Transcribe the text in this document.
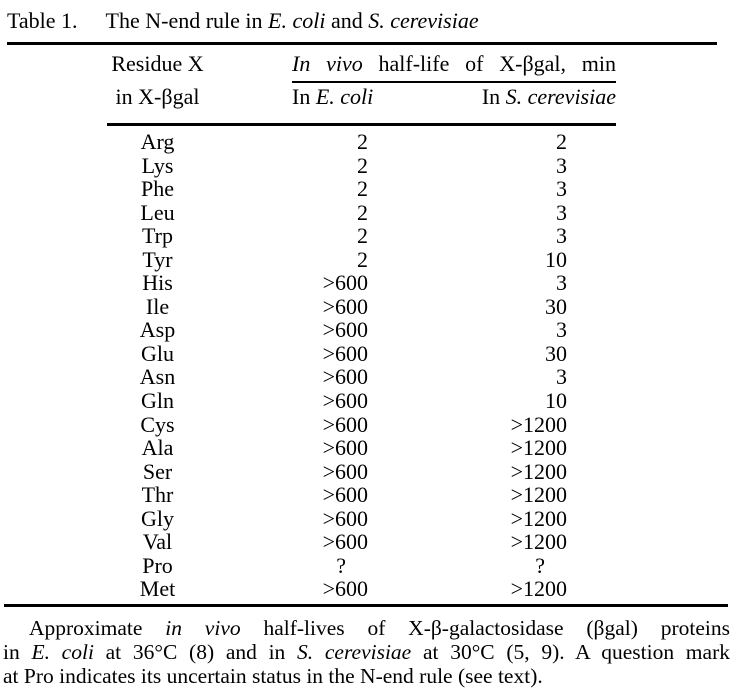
Table 1. The N-end rule in E. coli and S. cerevisiae
Residue X
in X-βgal
In vivo half-life of X-βgal, min
In E. coli	In S. cerevisiae
Arg	2	2
Lys	2	3
Phe	2	3
Leu	2	3
Trp	2	3
Tyr	2	10
His	>600	3
Ile	>600	30
Asp	>600	3
Glu	>600	30
Asn	>600	3
Gln	>600	10
Cys	>600	>1200
Ala	>600	>1200
Ser	>600	>1200
Thr	>600	>1200
Gly	>600	>1200
Val	>600	>1200
Pro	?	?
Met	>600	>1200
Approximate in vivo half-lives of X-β-galactosidase (βgal) proteins
in E. coli at 36°C (8) and in S. cerevisiae at 30°C (5, 9). A question mark
at Pro indicates its uncertain status in the N-end rule (see text).
